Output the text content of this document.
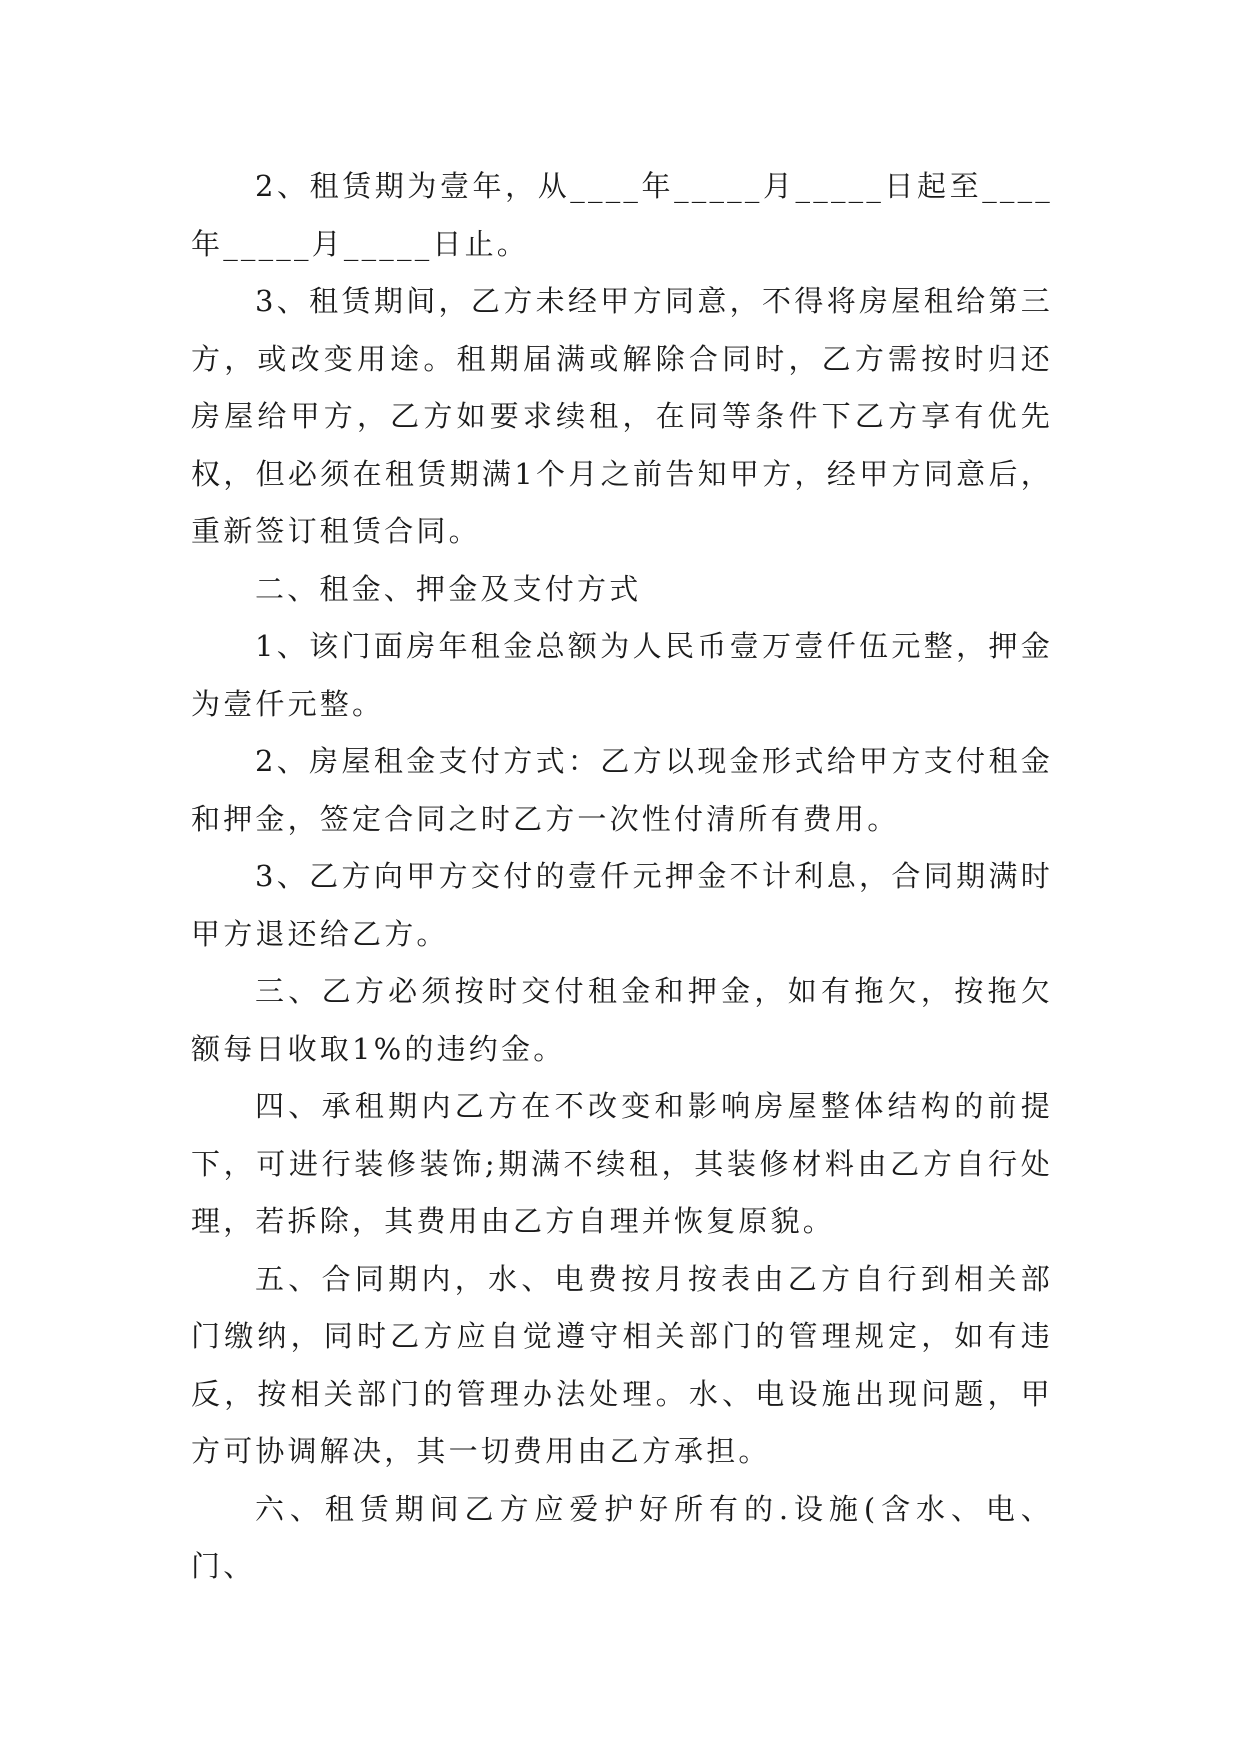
2、租赁期为壹年，从____年_____月_____日起至____年_____月_____日止。

3、租赁期间，乙方未经甲方同意，不得将房屋租给第三方，或改变用途。租期届满或解除合同时，乙方需按时归还房屋给甲方，乙方如要求续租，在同等条件下乙方享有优先权，但必须在租赁期满1个月之前告知甲方，经甲方同意后，重新签订租赁合同。

二、租金、押金及支付方式

1、该门面房年租金总额为人民币壹万壹仟伍元整，押金为壹仟元整。

2、房屋租金支付方式：乙方以现金形式给甲方支付租金和押金，签定合同之时乙方一次性付清所有费用。

3、乙方向甲方交付的壹仟元押金不计利息，合同期满时甲方退还给乙方。

三、乙方必须按时交付租金和押金，如有拖欠，按拖欠额每日收取1%的违约金。

四、承租期内乙方在不改变和影响房屋整体结构的前提下，可进行装修装饰;期满不续租，其装修材料由乙方自行处理，若拆除，其费用由乙方自理并恢复原貌。

五、合同期内，水、电费按月按表由乙方自行到相关部门缴纳，同时乙方应自觉遵守相关部门的管理规定，如有违反，按相关部门的管理办法处理。水、电设施出现问题，甲方可协调解决，其一切费用由乙方承担。

六、租赁期间乙方应爱护好所有的.设施(含水、电、门、
